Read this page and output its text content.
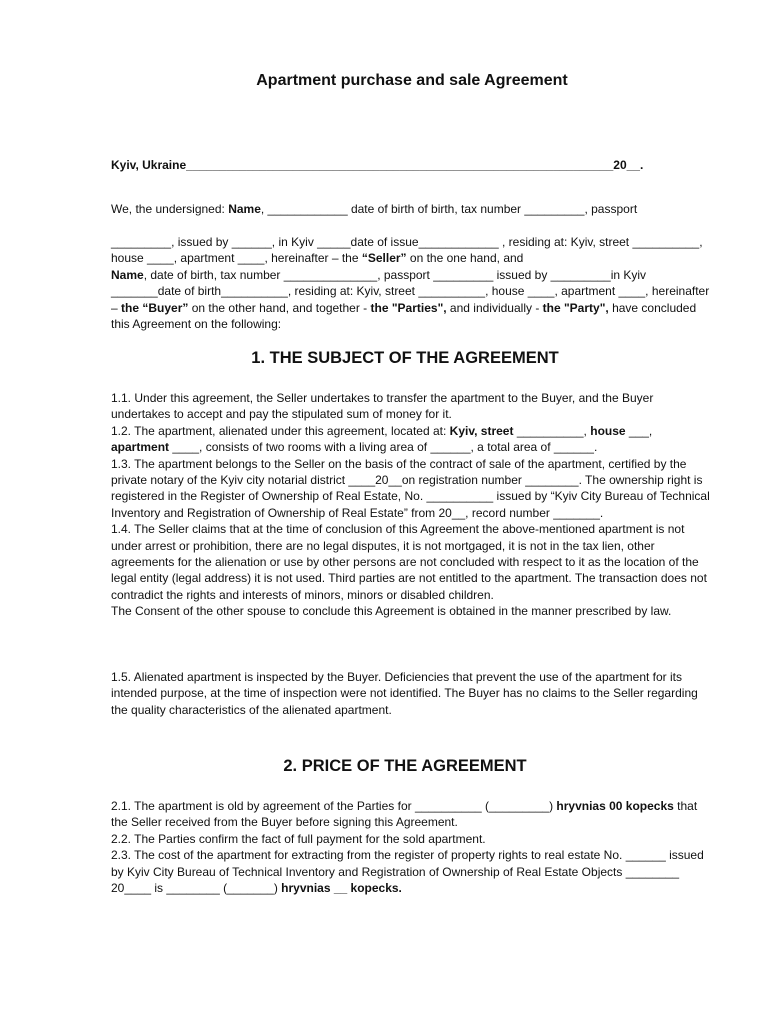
Apartment purchase and sale Agreement

Kyiv, Ukraine________________________________________________________________20__.

We, the undersigned: Name, ____________ date of birth of birth, tax number _________, passport

_________, issued by ______, in Kyiv _____date of issue____________ , residing at: Kyiv, street __________, house ____, apartment ____, hereinafter – the “Seller” on the one hand, and
Name, date of birth, tax number ______________, passport _________ issued by _________in Kyiv _______date of birth__________, residing at: Kyiv, street __________, house ____, apartment ____, hereinafter – the “Buyer” on the other hand, and together - the "Parties", and individually - the "Party", have concluded this Agreement on the following:

1. THE SUBJECT OF THE AGREEMENT

1.1. Under this agreement, the Seller undertakes to transfer the apartment to the Buyer, and the Buyer undertakes to accept and pay the stipulated sum of money for it.

1.2. The apartment, alienated under this agreement, located at: Kyiv, street __________, house ___,
apartment ____, consists of two rooms with a living area of ______, a total area of ______.

1.3. The apartment belongs to the Seller on the basis of the contract of sale of the apartment, certified by the private notary of the Kyiv city notarial district ____20__on registration number ________. The ownership right is registered in the Register of Ownership of Real Estate, No. __________ issued by “Kyiv City Bureau of Technical Inventory and Registration of Ownership of Real Estate” from 20__, record number _______.

1.4. The Seller claims that at the time of conclusion of this Agreement the above-mentioned apartment is not under arrest or prohibition, there are no legal disputes, it is not mortgaged, it is not in the tax lien, other agreements for the alienation or use by other persons are not concluded with respect to it as the location of the legal entity (legal address) it is not used. Third parties are not entitled to the apartment. The transaction does not contradict the rights and interests of minors, minors or disabled children.

The Consent of the other spouse to conclude this Agreement is obtained in the manner prescribed by law.

1.5. Alienated apartment is inspected by the Buyer. Deficiencies that prevent the use of the apartment for its intended purpose, at the time of inspection were not identified. The Buyer has no claims to the Seller regarding the quality characteristics of the alienated apartment.

2. PRICE OF THE AGREEMENT

2.1. The apartment is old by agreement of the Parties for __________ (_________) hryvnias 00 kopecks that the Seller received from the Buyer before signing this Agreement.

2.2. The Parties confirm the fact of full payment for the sold apartment.

2.3. The cost of the apartment for extracting from the register of property rights to real estate No. ______ issued by Kyiv City Bureau of Technical Inventory and Registration of Ownership of Real Estate Objects ________ 20____ is ________ (_______) hryvnias __ kopecks.
